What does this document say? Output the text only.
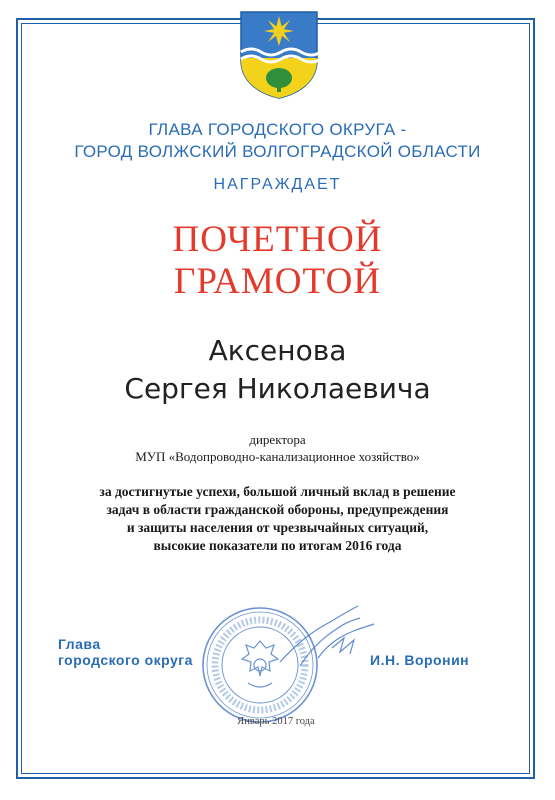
ГЛАВА ГОРОДСКОГО ОКРУГА -
ГОРОД ВОЛЖСКИЙ ВОЛГОГРАДСКОЙ ОБЛАСТИ
НАГРАЖДАЕТ
ПОЧЕТНОЙ
ГРАМОТОЙ
Аксенова
Сергея Николаевича
директора
МУП «Водопроводно-канализационное хозяйство»
за достигнутые успехи, большой личный вклад в решение
задач в области гражданской обороны, предупреждения
и защиты населения от чрезвычайных ситуаций,
высокие показатели по итогам 2016 года
Глава
городского округа	И.Н. Воронин
Январь 2017 года
